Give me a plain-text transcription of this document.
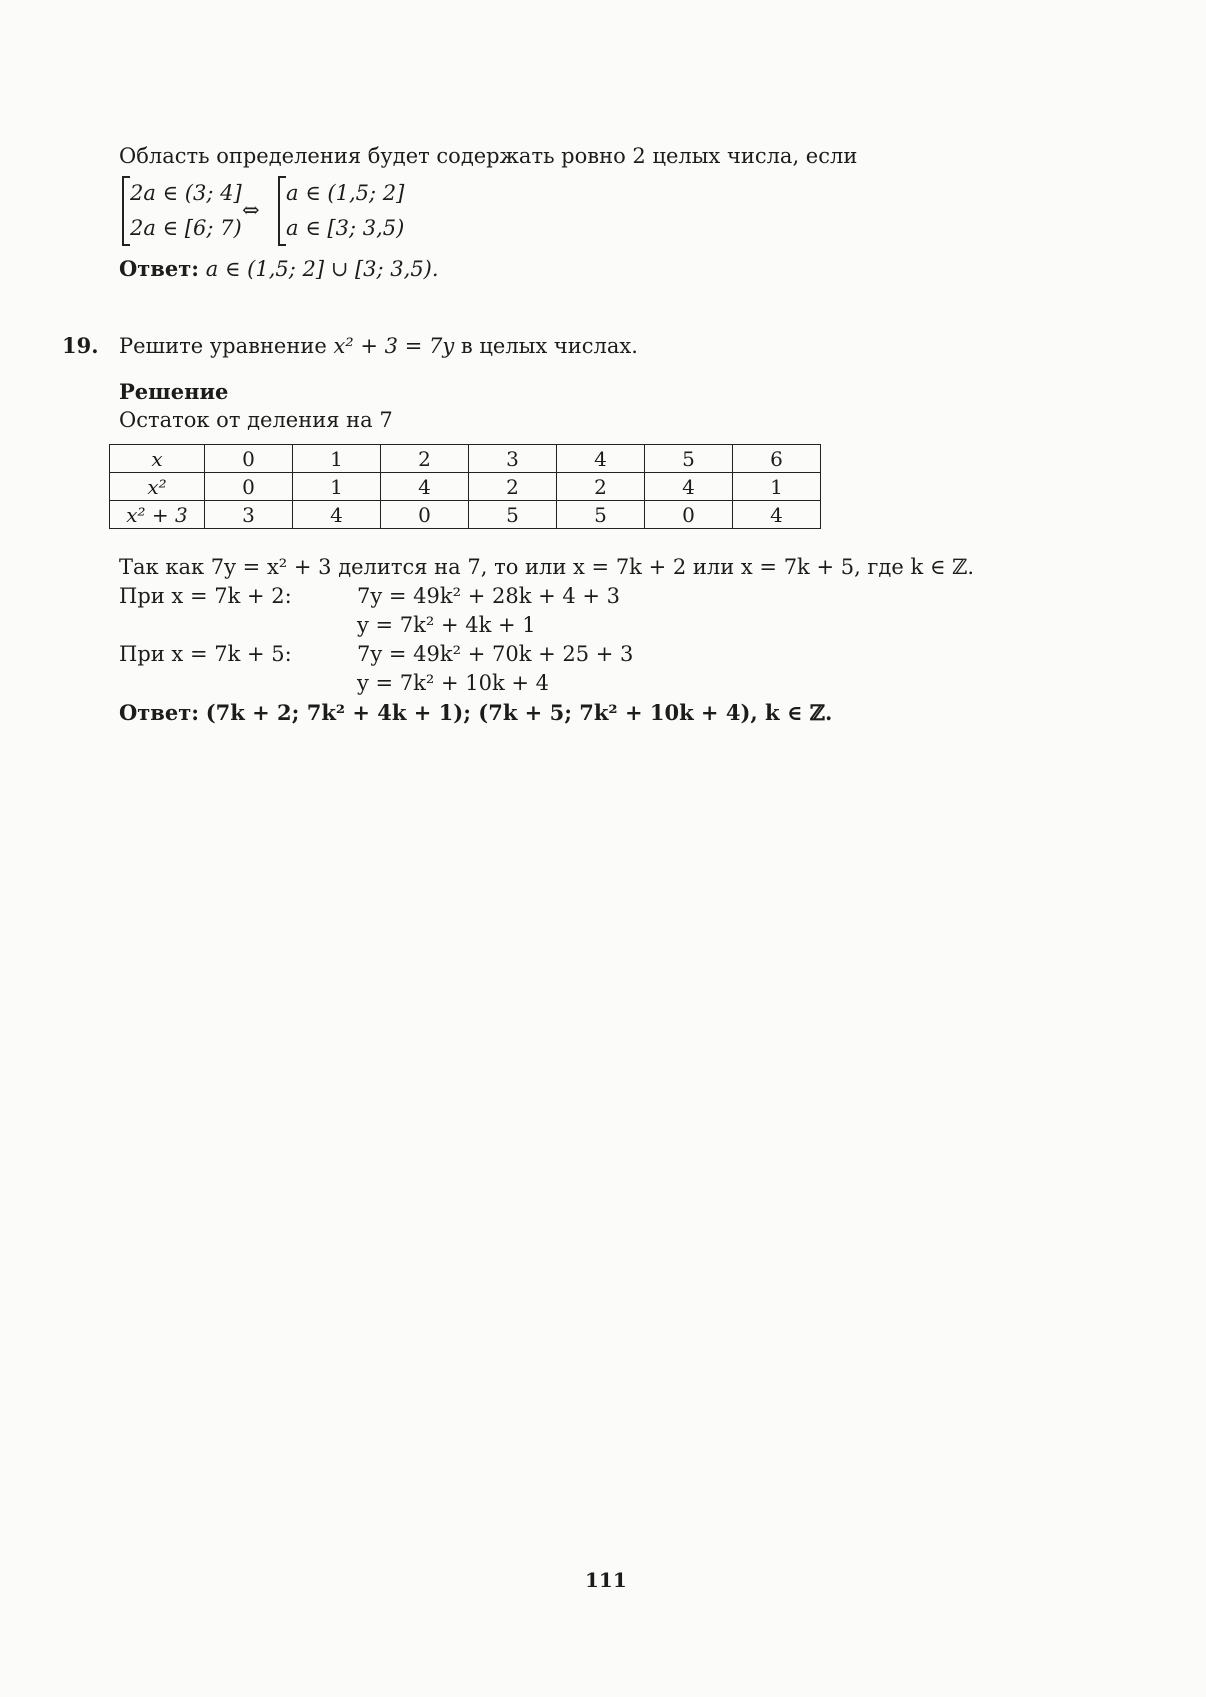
Область определения будет содержать ровно 2 целых числа, если
2a ∈ (3; 4]
2a ∈ [6; 7)
⇔
a ∈ (1,5; 2]
a ∈ [3; 3,5)
Ответ: a ∈ (1,5; 2] ∪ [3; 3,5).
19. Решите уравнение x² + 3 = 7y в целых числах.
Решение
Остаток от деления на 7
x	0	1	2	3	4	5	6
x²	0	1	4	2	2	4	1
x² + 3	3	4	0	5	5	0	4
Так как 7y = x² + 3 делится на 7, то или x = 7k + 2 или x = 7k + 5, где k ∈ ℤ.
При x = 7k + 2:	7y = 49k² + 28k + 4 + 3
y = 7k² + 4k + 1
При x = 7k + 5:	7y = 49k² + 70k + 25 + 3
y = 7k² + 10k + 4
Ответ: (7k + 2; 7k² + 4k + 1); (7k + 5; 7k² + 10k + 4), k ∈ ℤ.
111
